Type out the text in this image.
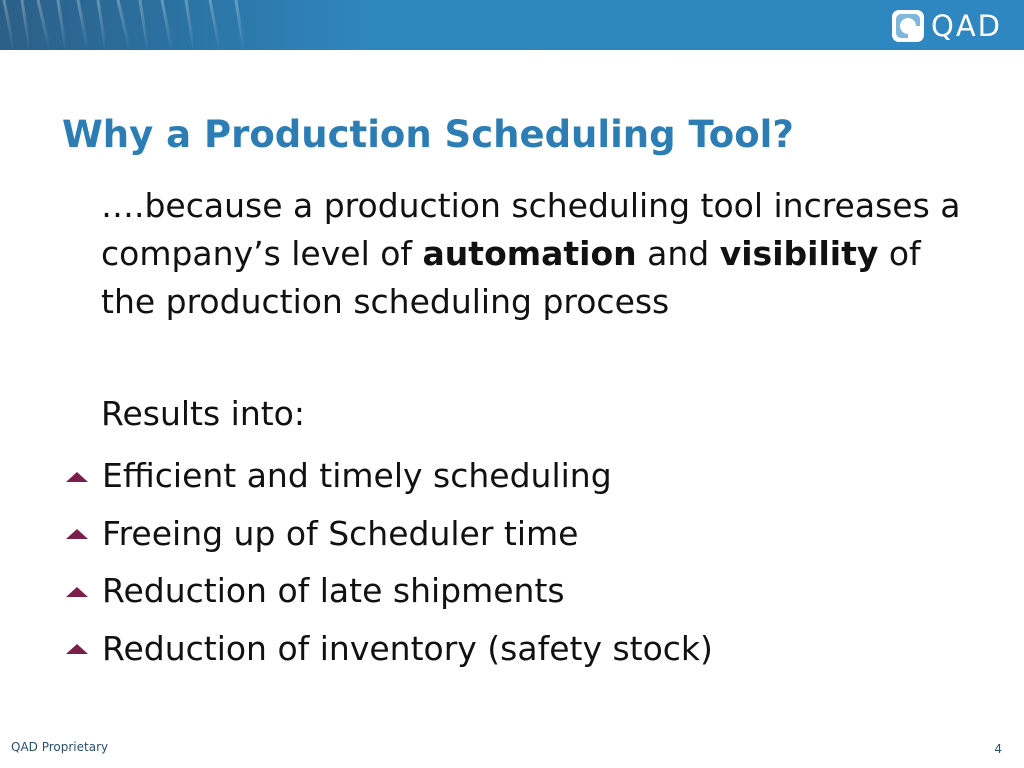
QAD
Why a Production Scheduling Tool?

….because a production scheduling tool increases a company’s level of automation and visibility of the production scheduling process

Results into:

Efficient and timely scheduling
Freeing up of Scheduler time
Reduction of late shipments
Reduction of inventory (safety stock)
QAD Proprietary	4
